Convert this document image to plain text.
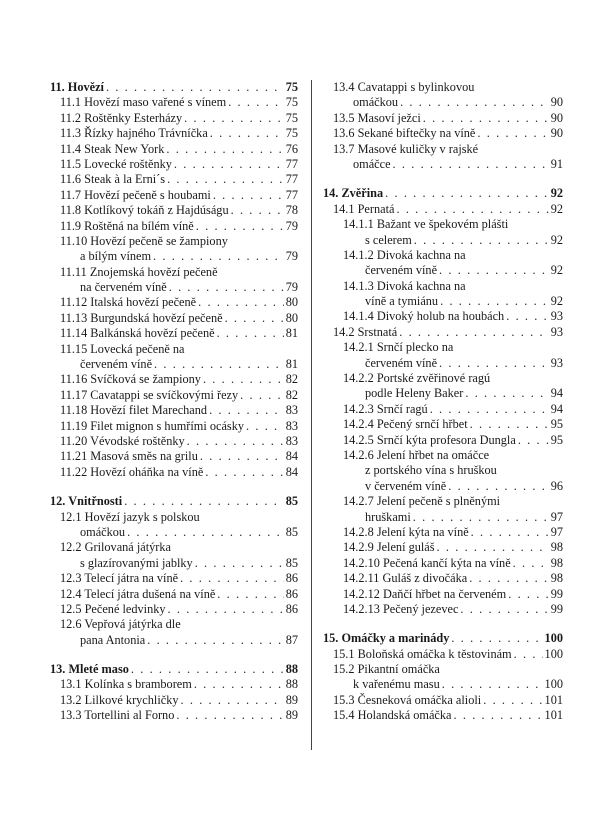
11. Hovězí . . .	75
11.1 Hovězí maso vařené s vínem . . .	75
11.2 Roštěnky Esterházy . . .	75
11.3 Řízky hajného Trávníčka . . .	75
11.4 Steak New York . . .	76
11.5 Lovecké roštěnky . . .	77
11.6 Steak à la Erni´s . . .	77
11.7 Hovězí pečeně s houbami . . .	77
11.8 Kotlíkový tokáň z Hajdúságu . . .	78
11.9 Roštěná na bílém víně . . .	79
11.10 Hovězí pečeně se žampiony
a bílým vínem . . .	79
11.11 Znojemská hovězí pečeně
na červeném víně . . .	79
11.12 Italská hovězí pečeně . . .	80
11.13 Burgundská hovězí pečeně . . .	80
11.14 Balkánská hovězí pečeně . . .	81
11.15 Lovecká pečeně na
červeném víně . . .	81
11.16 Svíčková se žampiony . . .	82
11.17 Cavatappi se svíčkovými řezy . . .	82
11.18 Hovězí filet Marechand . . .	83
11.19 Filet mignon s humřími ocásky . . .	83
11.20 Vévodské roštěnky . . .	83
11.21 Masová směs na grilu . . .	84
11.22 Hovězí oháňka na víně . . .	84
12. Vnitřnosti . . .	85
12.1 Hovězí jazyk s polskou
omáčkou . . .	85
12.2 Grilovaná játýrka
s glazírovanými jablky . . .	85
12.3 Telecí játra na víně . . .	86
12.4 Telecí játra dušená na víně . . .	86
12.5 Pečené ledvinky . . .	86
12.6 Vepřová játýrka dle
pana Antonia . . .	87
13. Mleté maso . . .	88
13.1 Kolínka s bramborem . . .	88
13.2 Lilkové krychličky . . .	89
13.3 Tortellini al Forno . . .	89
13.4 Cavatappi s bylinkovou
omáčkou . . .	90
13.5 Masoví ježci . . .	90
13.6 Sekané biftečky na víně . . .	90
13.7 Masové kuličky v rajské
omáčce . . .	91
14. Zvěřina . . .	92
14.1 Pernatá . . .	92
14.1.1 Bažant ve špekovém plášti
s celerem . . .	92
14.1.2 Divoká kachna na
červeném víně . . .	92
14.1.3 Divoká kachna na
víně a tymiánu . . .	92
14.1.4 Divoký holub na houbách . . .	93
14.2 Srstnatá . . .	93
14.2.1 Srnčí plecko na
červeném víně . . .	93
14.2.2 Portské zvěřinové ragú
podle Heleny Baker . . .	94
14.2.3 Srnčí ragú . . .	94
14.2.4 Pečený srnčí hřbet . . .	95
14.2.5 Srnčí kýta profesora Dungla . . .	95
14.2.6 Jelení hřbet na omáčce
z portského vína s hruškou
v červeném víně . . .	96
14.2.7 Jelení pečeně s plněnými
hruškami . . .	97
14.2.8 Jelení kýta na víně . . .	97
14.2.9 Jelení guláš . . .	98
14.2.10 Pečená kančí kýta na víně . . .	98
14.2.11 Guláš z divočáka . . .	98
14.2.12 Daňčí hřbet na červeném . . .	99
14.2.13 Pečený jezevec . . .	99
15. Omáčky a marinády . . .	100
15.1 Boloňská omáčka k těstovinám . . .	100
15.2 Pikantní omáčka
k vařenému masu . . .	100
15.3 Česneková omáčka alioli . . .	101
15.4 Holandská omáčka . . .	101
